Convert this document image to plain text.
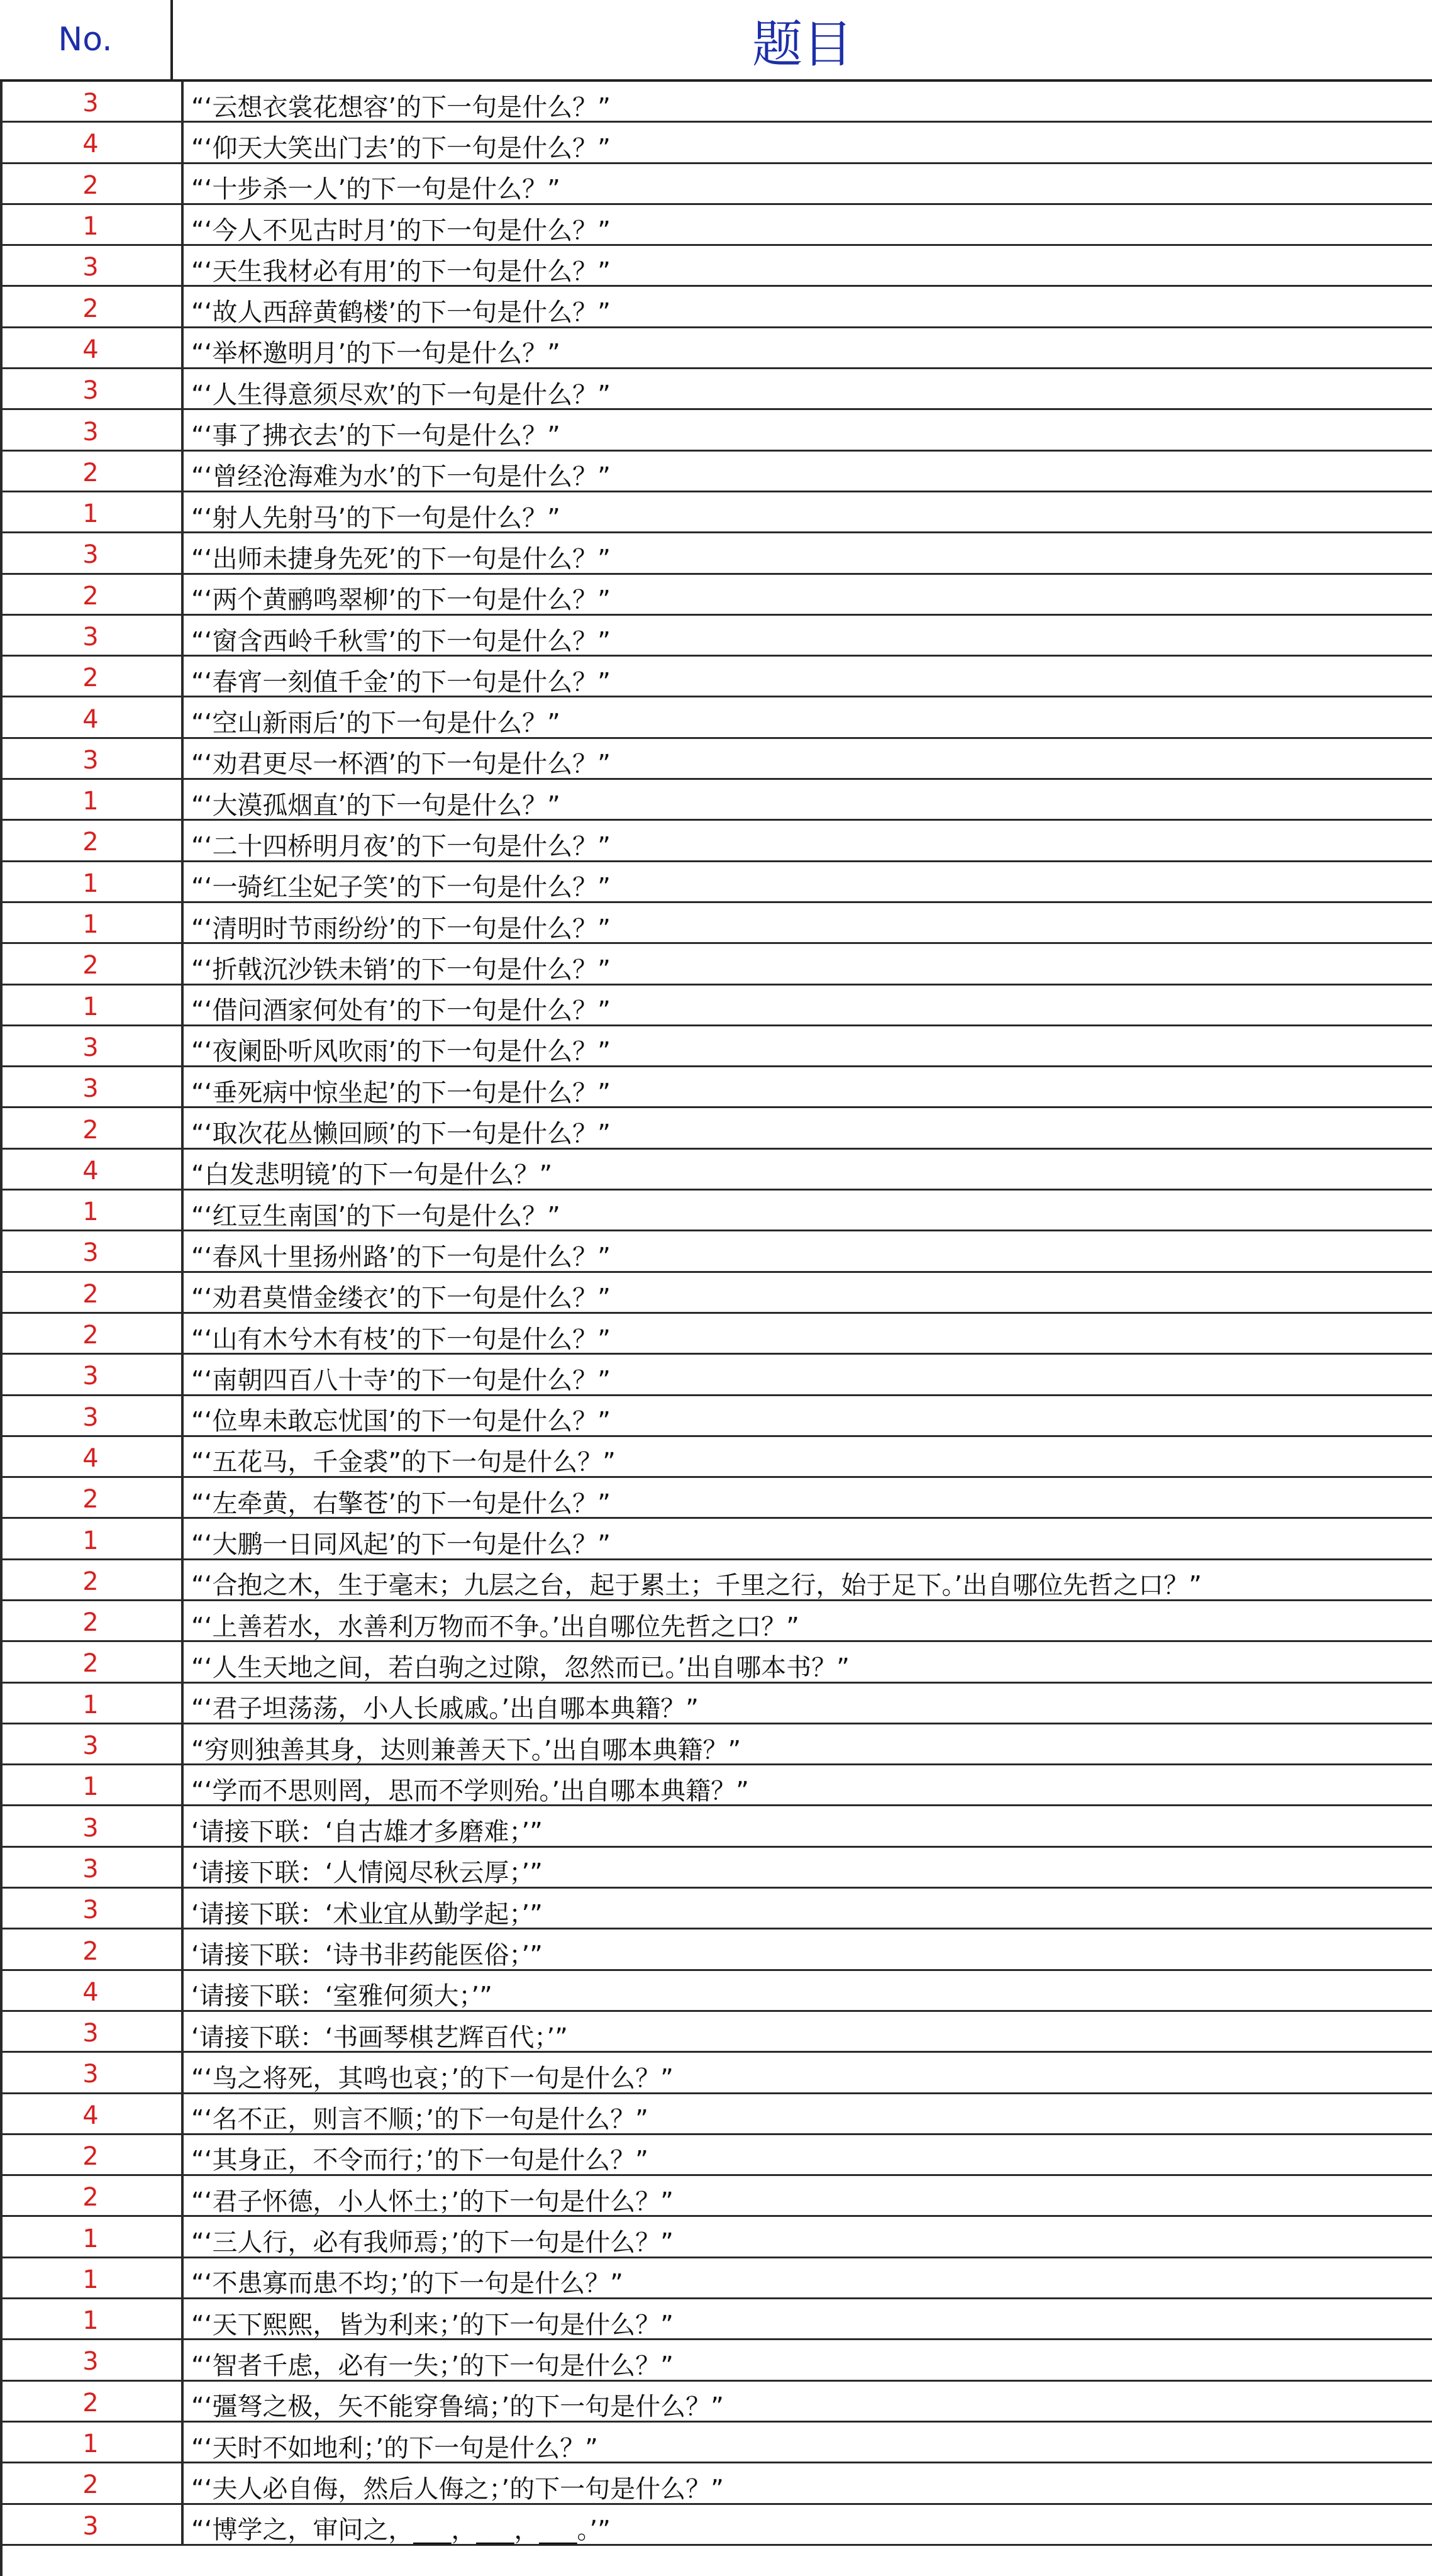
No.	题目
3	“‘云想衣裳花想容’的下一句是什么？”
4	“‘仰天大笑出门去’的下一句是什么？”
2	“‘十步杀一人’的下一句是什么？”
1	“‘今人不见古时月’的下一句是什么？”
3	“‘天生我材必有用’的下一句是什么？”
2	“‘故人西辞黄鹤楼’的下一句是什么？”
4	“‘举杯邀明月’的下一句是什么？”
3	“‘人生得意须尽欢’的下一句是什么？”
3	“‘事了拂衣去’的下一句是什么？”
2	“‘曾经沧海难为水’的下一句是什么？”
1	“‘射人先射马’的下一句是什么？”
3	“‘出师未捷身先死’的下一句是什么？”
2	“‘两个黄鹂鸣翠柳’的下一句是什么？”
3	“‘窗含西岭千秋雪’的下一句是什么？”
2	“‘春宵一刻值千金’的下一句是什么？”
4	“‘空山新雨后’的下一句是什么？”
3	“‘劝君更尽一杯酒’的下一句是什么？”
1	“‘大漠孤烟直’的下一句是什么？”
2	“‘二十四桥明月夜’的下一句是什么？”
1	“‘一骑红尘妃子笑’的下一句是什么？”
1	“‘清明时节雨纷纷’的下一句是什么？”
2	“‘折戟沉沙铁未销’的下一句是什么？”
1	“‘借问酒家何处有’的下一句是什么？”
3	“‘夜阑卧听风吹雨’的下一句是什么？”
3	“‘垂死病中惊坐起’的下一句是什么？”
2	“‘取次花丛懒回顾’的下一句是什么？”
4	“白发悲明镜’的下一句是什么？”
1	“‘红豆生南国’的下一句是什么？”
3	“‘春风十里扬州路’的下一句是什么？”
2	“‘劝君莫惜金缕衣’的下一句是什么？”
2	“‘山有木兮木有枝’的下一句是什么？”
3	“‘南朝四百八十寺’的下一句是什么？”
3	“‘位卑未敢忘忧国’的下一句是什么？”
4	“‘五花马，千金裘”的下一句是什么？”
2	“‘左牵黄，右擎苍’的下一句是什么？”
1	“‘大鹏一日同风起’的下一句是什么？”
2	“‘合抱之木，生于毫末；九层之台，起于累土；千里之行，始于足下。’出自哪位先哲之口？”
2	“‘上善若水，水善利万物而不争。’出自哪位先哲之口？”
2	“‘人生天地之间，若白驹之过隙，忽然而已。’出自哪本书？”
1	“‘君子坦荡荡，小人长戚戚。’出自哪本典籍？”
3	“穷则独善其身，达则兼善天下。’出自哪本典籍？”
1	“‘学而不思则罔，思而不学则殆。’出自哪本典籍？”
3	‘请接下联：‘自古雄才多磨难；’”
3	‘请接下联：‘人情阅尽秋云厚；’”
3	‘请接下联：‘术业宜从勤学起；’”
2	‘请接下联：‘诗书非药能医俗；’”
4	‘请接下联：‘室雅何须大；’”
3	‘请接下联：‘书画琴棋艺辉百代；’”
3	“‘鸟之将死，其鸣也哀；’的下一句是什么？”
4	“‘名不正，则言不顺；’的下一句是什么？”
2	“‘其身正，不令而行；’的下一句是什么？”
2	“‘君子怀德，小人怀土；’的下一句是什么？”
1	“‘三人行，必有我师焉；’的下一句是什么？”
1	“‘不患寡而患不均；’的下一句是什么？”
1	“‘天下熙熙，皆为利来；’的下一句是什么？”
3	“‘智者千虑，必有一失；’的下一句是什么？”
2	“‘彊弩之极，矢不能穿鲁缟；’的下一句是什么？”
1	“‘天时不如地利；’的下一句是什么？”
2	“‘夫人必自侮，然后人侮之；’的下一句是什么？”
3	“‘博学之，审问之，___，___，___。’”
